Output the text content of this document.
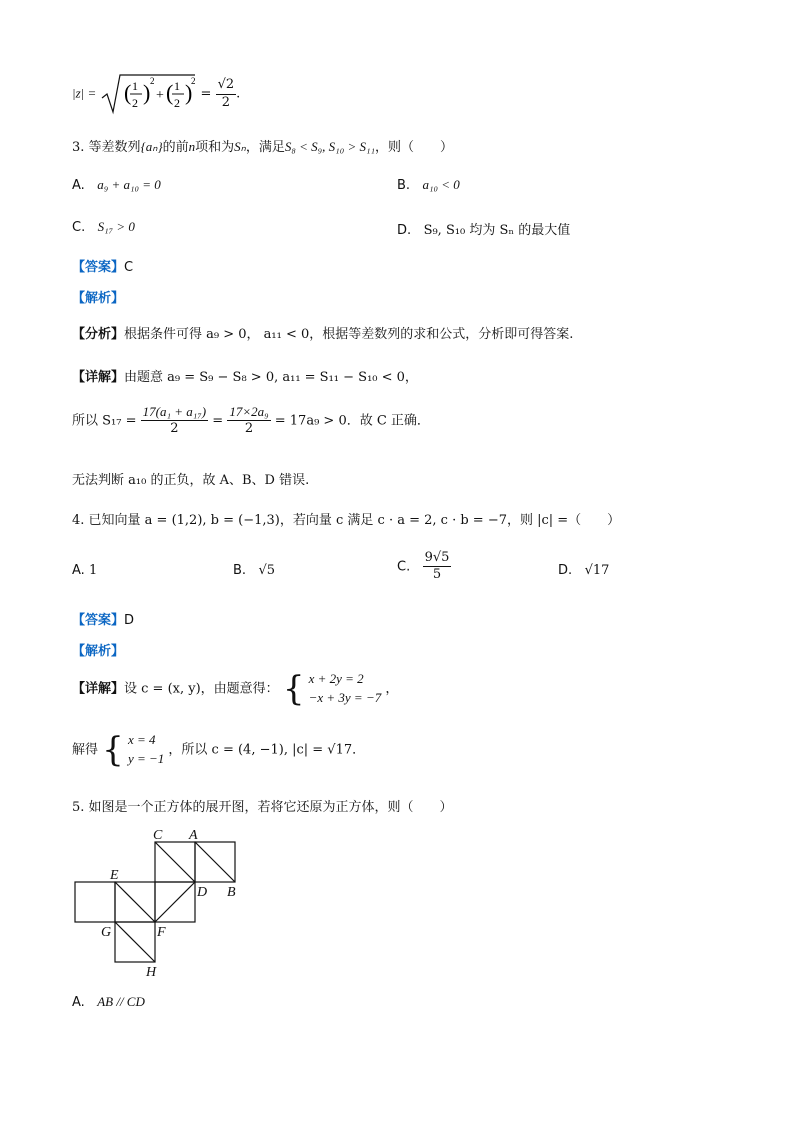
|z| = ( 1
2 ) 2
+ ( 1
2 )
2
= $\frac{√2}{2}$ .
3. 等差数列{aₙ}的前n项和为Sₙ，满足S₈ < S₉, S₁₀ > S₁₁，则（　　）
A. a₉ + a₁₀ = 0	B. a₁₀ < 0
C. S₁₇ > 0	D. S₉, S₁₀ 均为 Sₙ 的最大值
【答案】C
【解析】
【分析】根据条件可得 a₉ > 0， a₁₁ < 0，根据等差数列的求和公式，分析即可得答案.
【详解】由题意 a₉ = S₉ − S₈ > 0, a₁₁ = S₁₁ − S₁₀ < 0，
所以 $S_{17} = \frac{\text{17(a₁ + a₁₇)}}{2} = \frac{\text{17×2a₉}}{2} = 17a_9 > 0$．故 C 正确．
无法判断 a₁₀ 的正负，故 A、B、D 错误.
4. 已知向量 a = (1,2), b = (−1,3)，若向量 c 满足 c · a = 2, c · b = −7，则 |c| =（　　）
A. 1	B. √5	C. $\frac{9√5}{5}$	D. √17
【答案】D
【解析】
【详解】设 c = (x, y)，由题意得： { x + 2y = 2
−x + 3y = −7
，
解得 { x = 4
y = −1
，所以 c = (4, −1), |c| = √17．
5. 如图是一个正方体的展开图，若将它还原为正方体，则（　　）
C A
E
D B
G	F
H
A. AB // CD
